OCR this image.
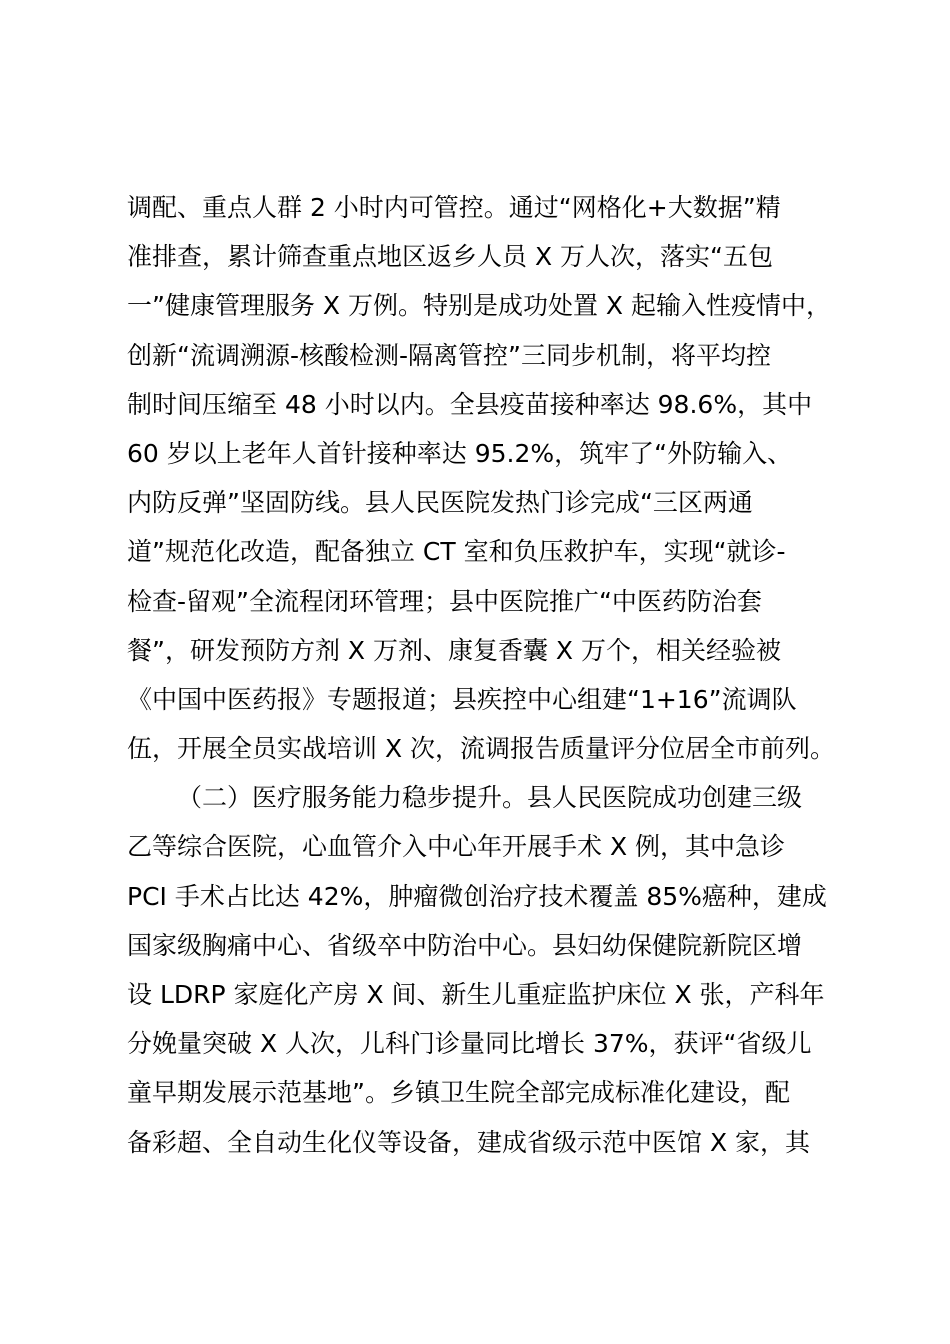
调配、重点人群 2 小时内可管控。通过“网格化+大数据”精
准排查，累计筛查重点地区返乡人员 X 万人次，落实“五包
一”健康管理服务 X 万例。特别是成功处置 X 起输入性疫情中，
创新“流调溯源-核酸检测-隔离管控”三同步机制，将平均控
制时间压缩至 48 小时以内。全县疫苗接种率达 98.6%，其中
60 岁以上老年人首针接种率达 95.2%，筑牢了“外防输入、
内防反弹”坚固防线。县人民医院发热门诊完成“三区两通
道”规范化改造，配备独立 CT 室和负压救护车，实现“就诊-
检查-留观”全流程闭环管理；县中医院推广“中医药防治套
餐”，研发预防方剂 X 万剂、康复香囊 X 万个，相关经验被
《中国中医药报》专题报道；县疾控中心组建“1+16”流调队
伍，开展全员实战培训 X 次，流调报告质量评分位居全市前列。
（二）医疗服务能力稳步提升。县人民医院成功创建三级
乙等综合医院，心血管介入中心年开展手术 X 例，其中急诊
PCI 手术占比达 42%，肿瘤微创治疗技术覆盖 85%癌种，建成
国家级胸痛中心、省级卒中防治中心。县妇幼保健院新院区增
设 LDRP 家庭化产房 X 间、新生儿重症监护床位 X 张，产科年
分娩量突破 X 人次，儿科门诊量同比增长 37%，获评“省级儿
童早期发展示范基地”。乡镇卫生院全部完成标准化建设，配
备彩超、全自动生化仪等设备，建成省级示范中医馆 X 家，其
